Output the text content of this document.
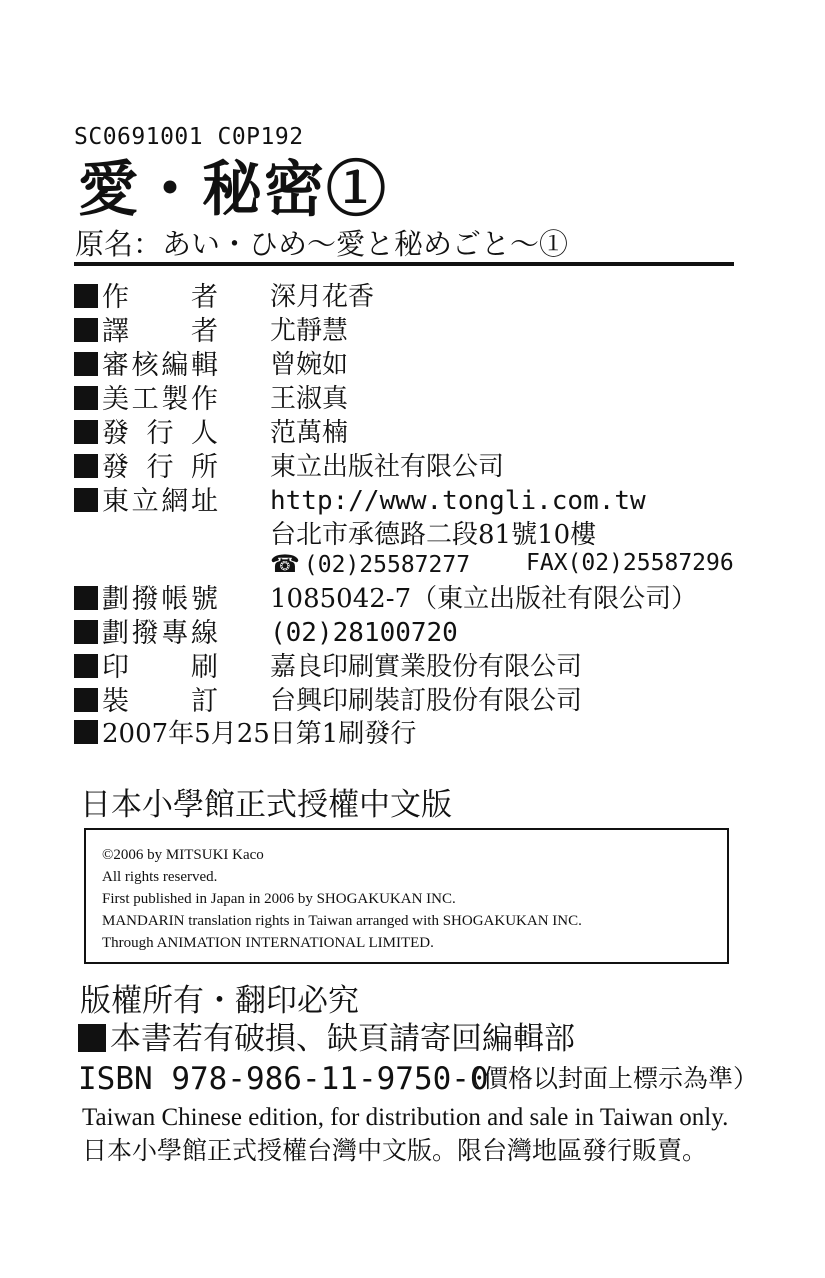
SC0691001 C0P192
愛・秘密①
原名：あい・ひめ～愛と秘めごと～①
作　　者 深月花香
譯　　者 尤靜慧
審核編輯 曾婉如
美工製作 王淑真
發 行 人 范萬楠
發 行 所 東立出版社有限公司
東立網址 http://www.tongli.com.tw
台北市承德路二段81號10樓
☎ (02)25587277 FAX(02)25587296
劃撥帳號 1085042-7（東立出版社有限公司）
劃撥專線 (02)28100720
印　　刷 嘉良印刷實業股份有限公司
裝　　訂 台興印刷裝訂股份有限公司
2007年5月25日第1刷發行
日本小學館正式授權中文版
©2006 by MITSUKI Kaco
All rights reserved.
First published in Japan in 2006 by SHOGAKUKAN INC.
MANDARIN translation rights in Taiwan arranged with SHOGAKUKAN INC.
Through ANIMATION INTERNATIONAL LIMITED.
版權所有・翻印必究
本書若有破損、缺頁請寄回編輯部
ISBN 978-986-11-9750-0
（價格以封面上標示為準）
Taiwan Chinese edition, for distribution and sale in Taiwan only.
日本小學館正式授權台灣中文版。限台灣地區發行販賣。
